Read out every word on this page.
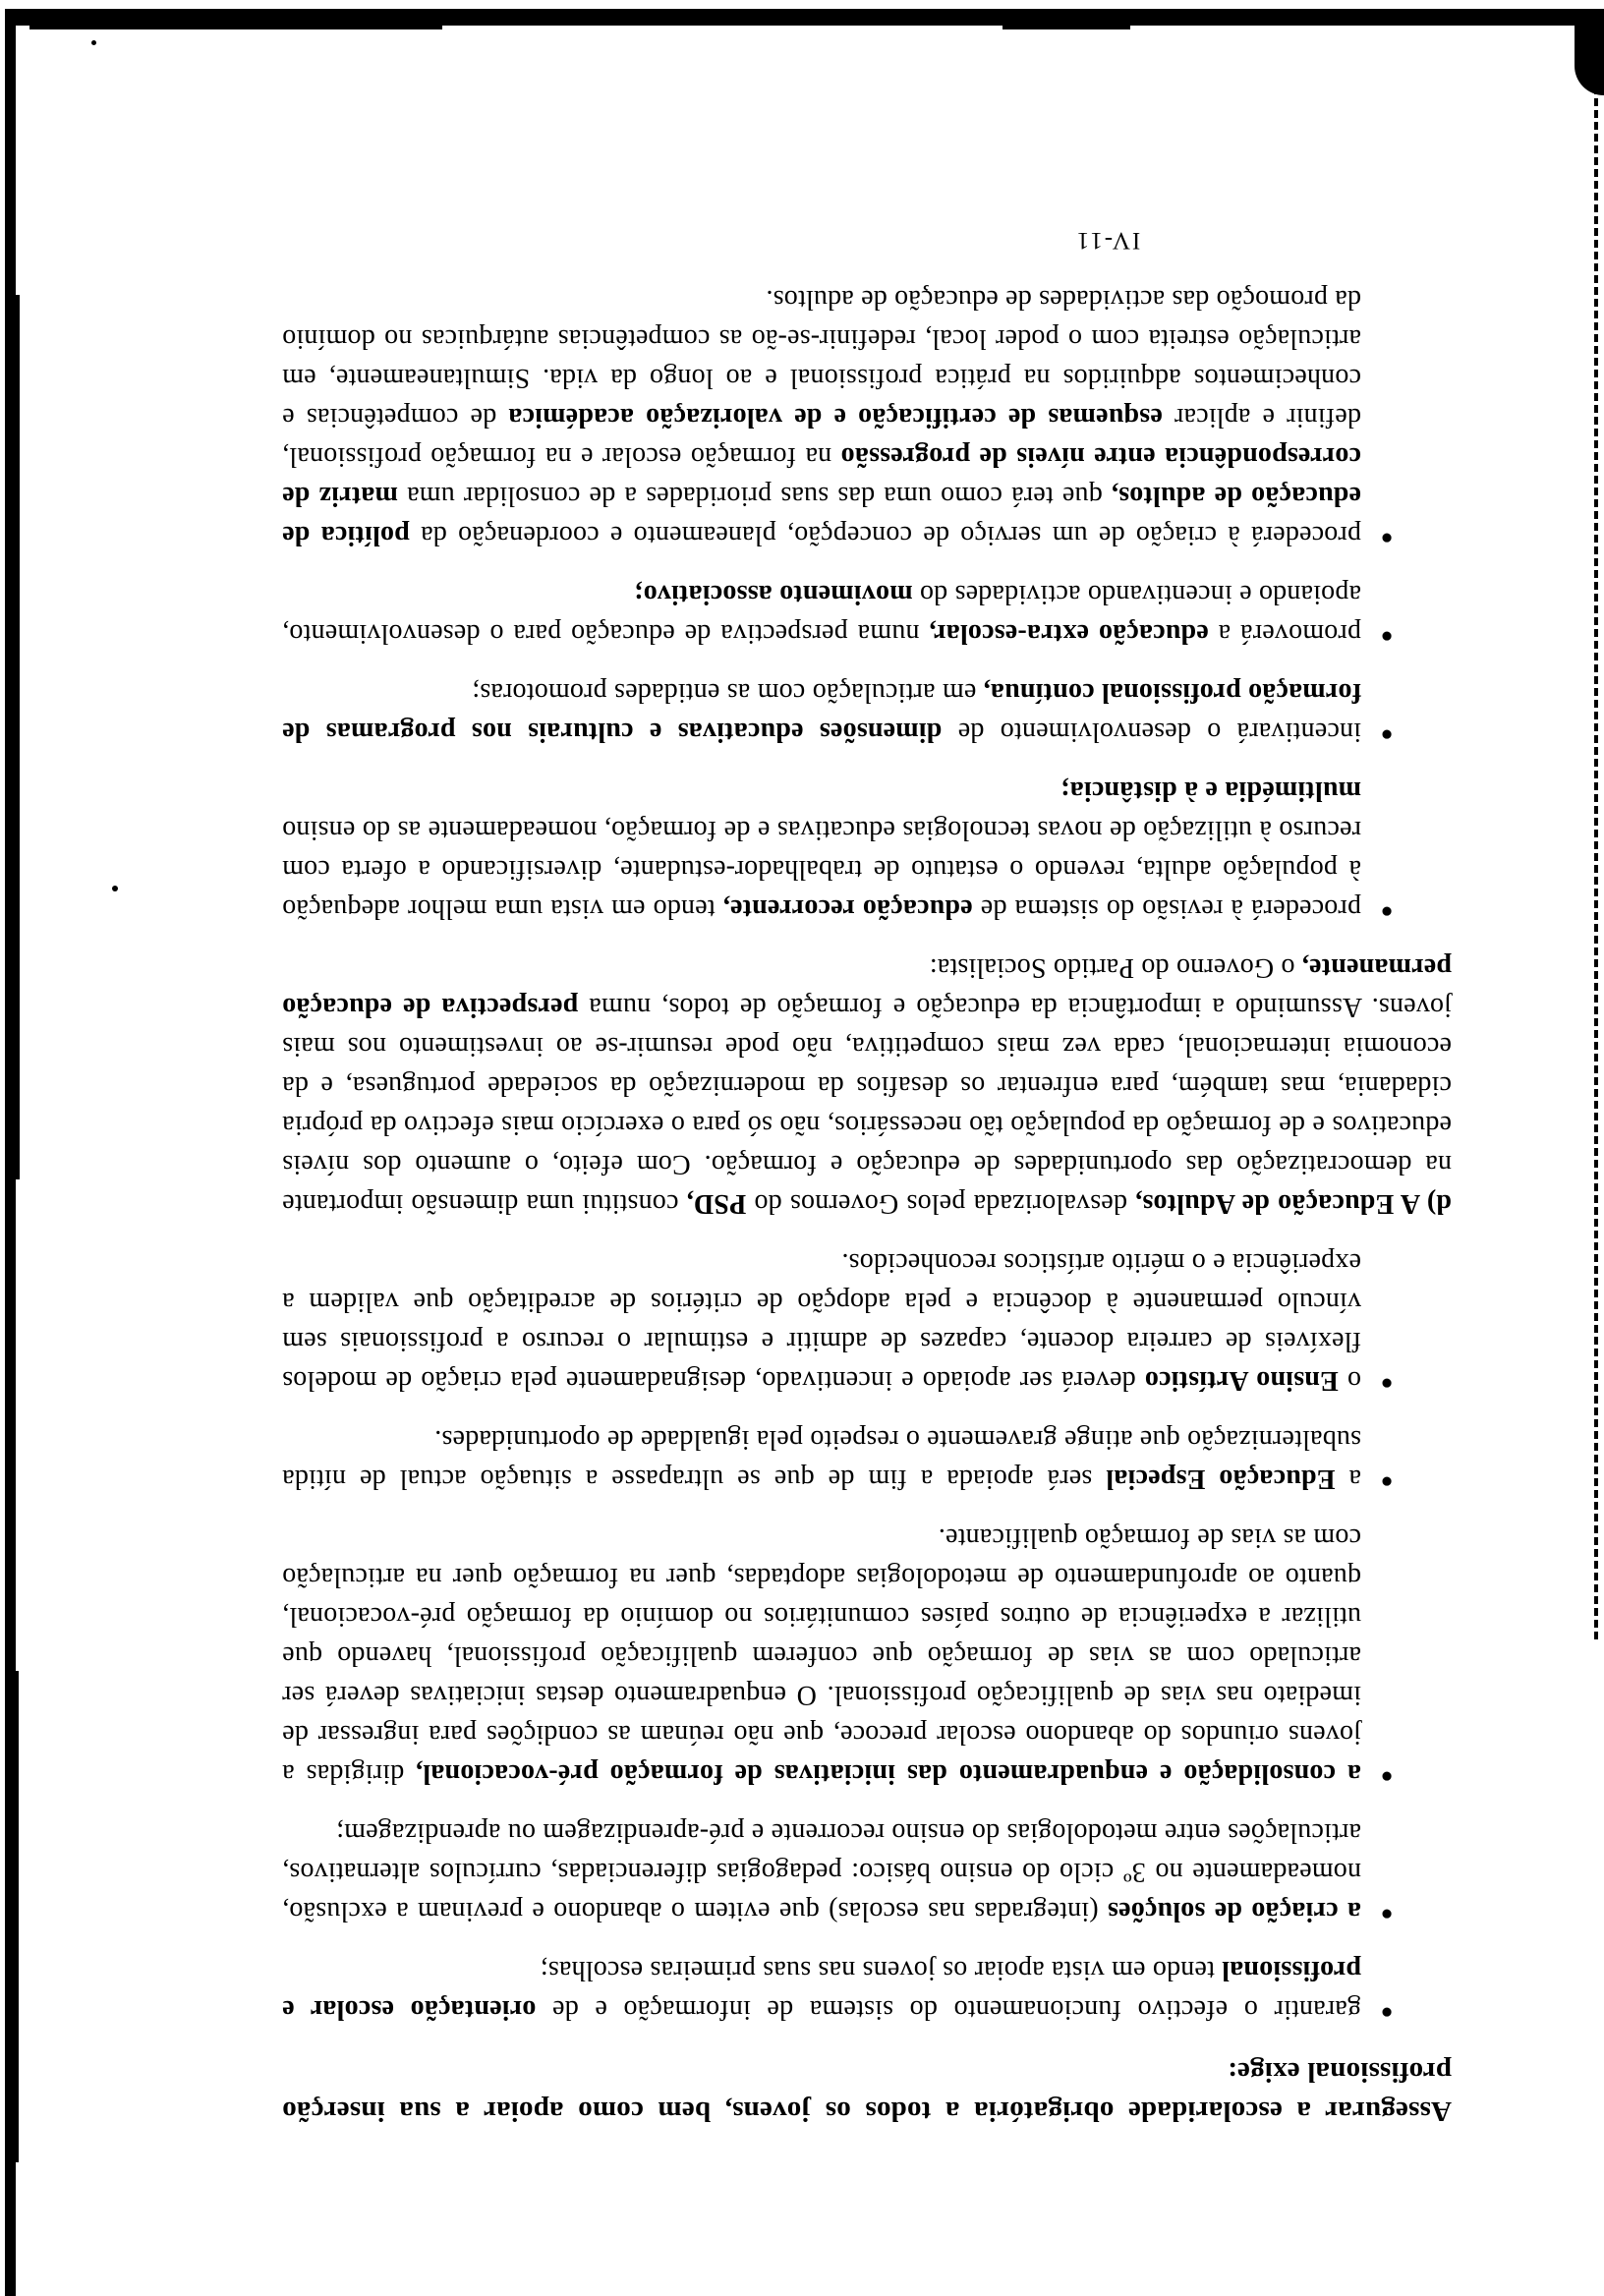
Assegurar a escolaridade obrigatória a todos os jovens, bem como apoiar a sua inserção profissional exige:
• garantir o efectivo funcionamento do sistema de informação e de orientação escolar e profissional tendo em vista apoiar os jovens nas suas primeiras escolhas;
• a criação de soluções (integradas nas escolas) que evitem o abandono e previnam a exclusão, nomeadamente no 3º ciclo do ensino básico: pedagogias diferenciadas, currículos alternativos, articulações entre metodologias do ensino recorrente e pré-aprendizagem ou aprendizagem;
• a consolidação e enquadramento das iniciativas de formação pré-vocacional, dirigidas a jovens oriundos do abandono escolar precoce, que não reúnam as condições para ingressar de imediato nas vias de qualificação profissional. O enquadramento destas iniciativas deverá ser articulado com as vias de formação que conferem qualificação profissional, havendo que utilizar a experiência de outros países comunitários no domínio da formação pré-vocacional, quanto ao aprofundamento de metodologias adoptadas, quer na formação quer na articulação com as vias de formação qualificante.
• a Educação Especial será apoiada a fim de que se ultrapasse a situação actual de nítida subalternização que atinge gravemente o respeito pela igualdade de oportunidades.
• o Ensino Artístico deverá ser apoiado e incentivado, designadamente pela criação de modelos flexíveis de carreira docente, capazes de admitir e estimular o recurso a profissionais sem vínculo permanente à docência e pela adopção de critérios de acreditação que validem a experiência e o mérito artísticos reconhecidos.
d) A Educação de Adultos, desvalorizada pelos Governos do PSD, constitui uma dimensão importante na democratização das oportunidades de educação e formação. Com efeito, o aumento dos níveis educativos e de formação da população tão necessários, não só para o exercício mais efectivo da própria cidadania, mas também, para enfrentar os desafios da modernização da sociedade portuguesa, e da economia internacional, cada vez mais competitiva, não pode resumir-se ao investimento nos mais jovens. Assumindo a importância da educação e formação de todos, numa perspectiva de educação permanente, o Governo do Partido Socialista:
• procederá à revisão do sistema de educação recorrente, tendo em vista uma melhor adequação à população adulta, revendo o estatuto de trabalhador-estudante, diversificando a oferta com recurso à utilização de novas tecnologias educativas e de formação, nomeadamente as do ensino multimédia e à distância;
• incentivará o desenvolvimento de dimensões educativas e culturais nos programas de formação profissional contínua, em articulação com as entidades promotoras;
• promoverá a educação extra-escolar, numa perspectiva de educação para o desenvolvimento, apoiando e incentivando actividades do movimento associativo;
• procederá à criação de um serviço de concepção, planeamento e coordenação da política de educação de adultos, que terá como uma das suas prioridades a de consolidar uma matriz de correspondência entre níveis de progressão na formação escolar e na formação profissional, definir e aplicar esquemas de certificação e de valorização académica de competências e conhecimentos adquiridos na prática profissional e ao longo da vida. Simultaneamente, em articulação estreita com o poder local, redefinir-se-ão as competências autárquicas no domínio da promoção das actividades de educação de adultos.
IV-11
